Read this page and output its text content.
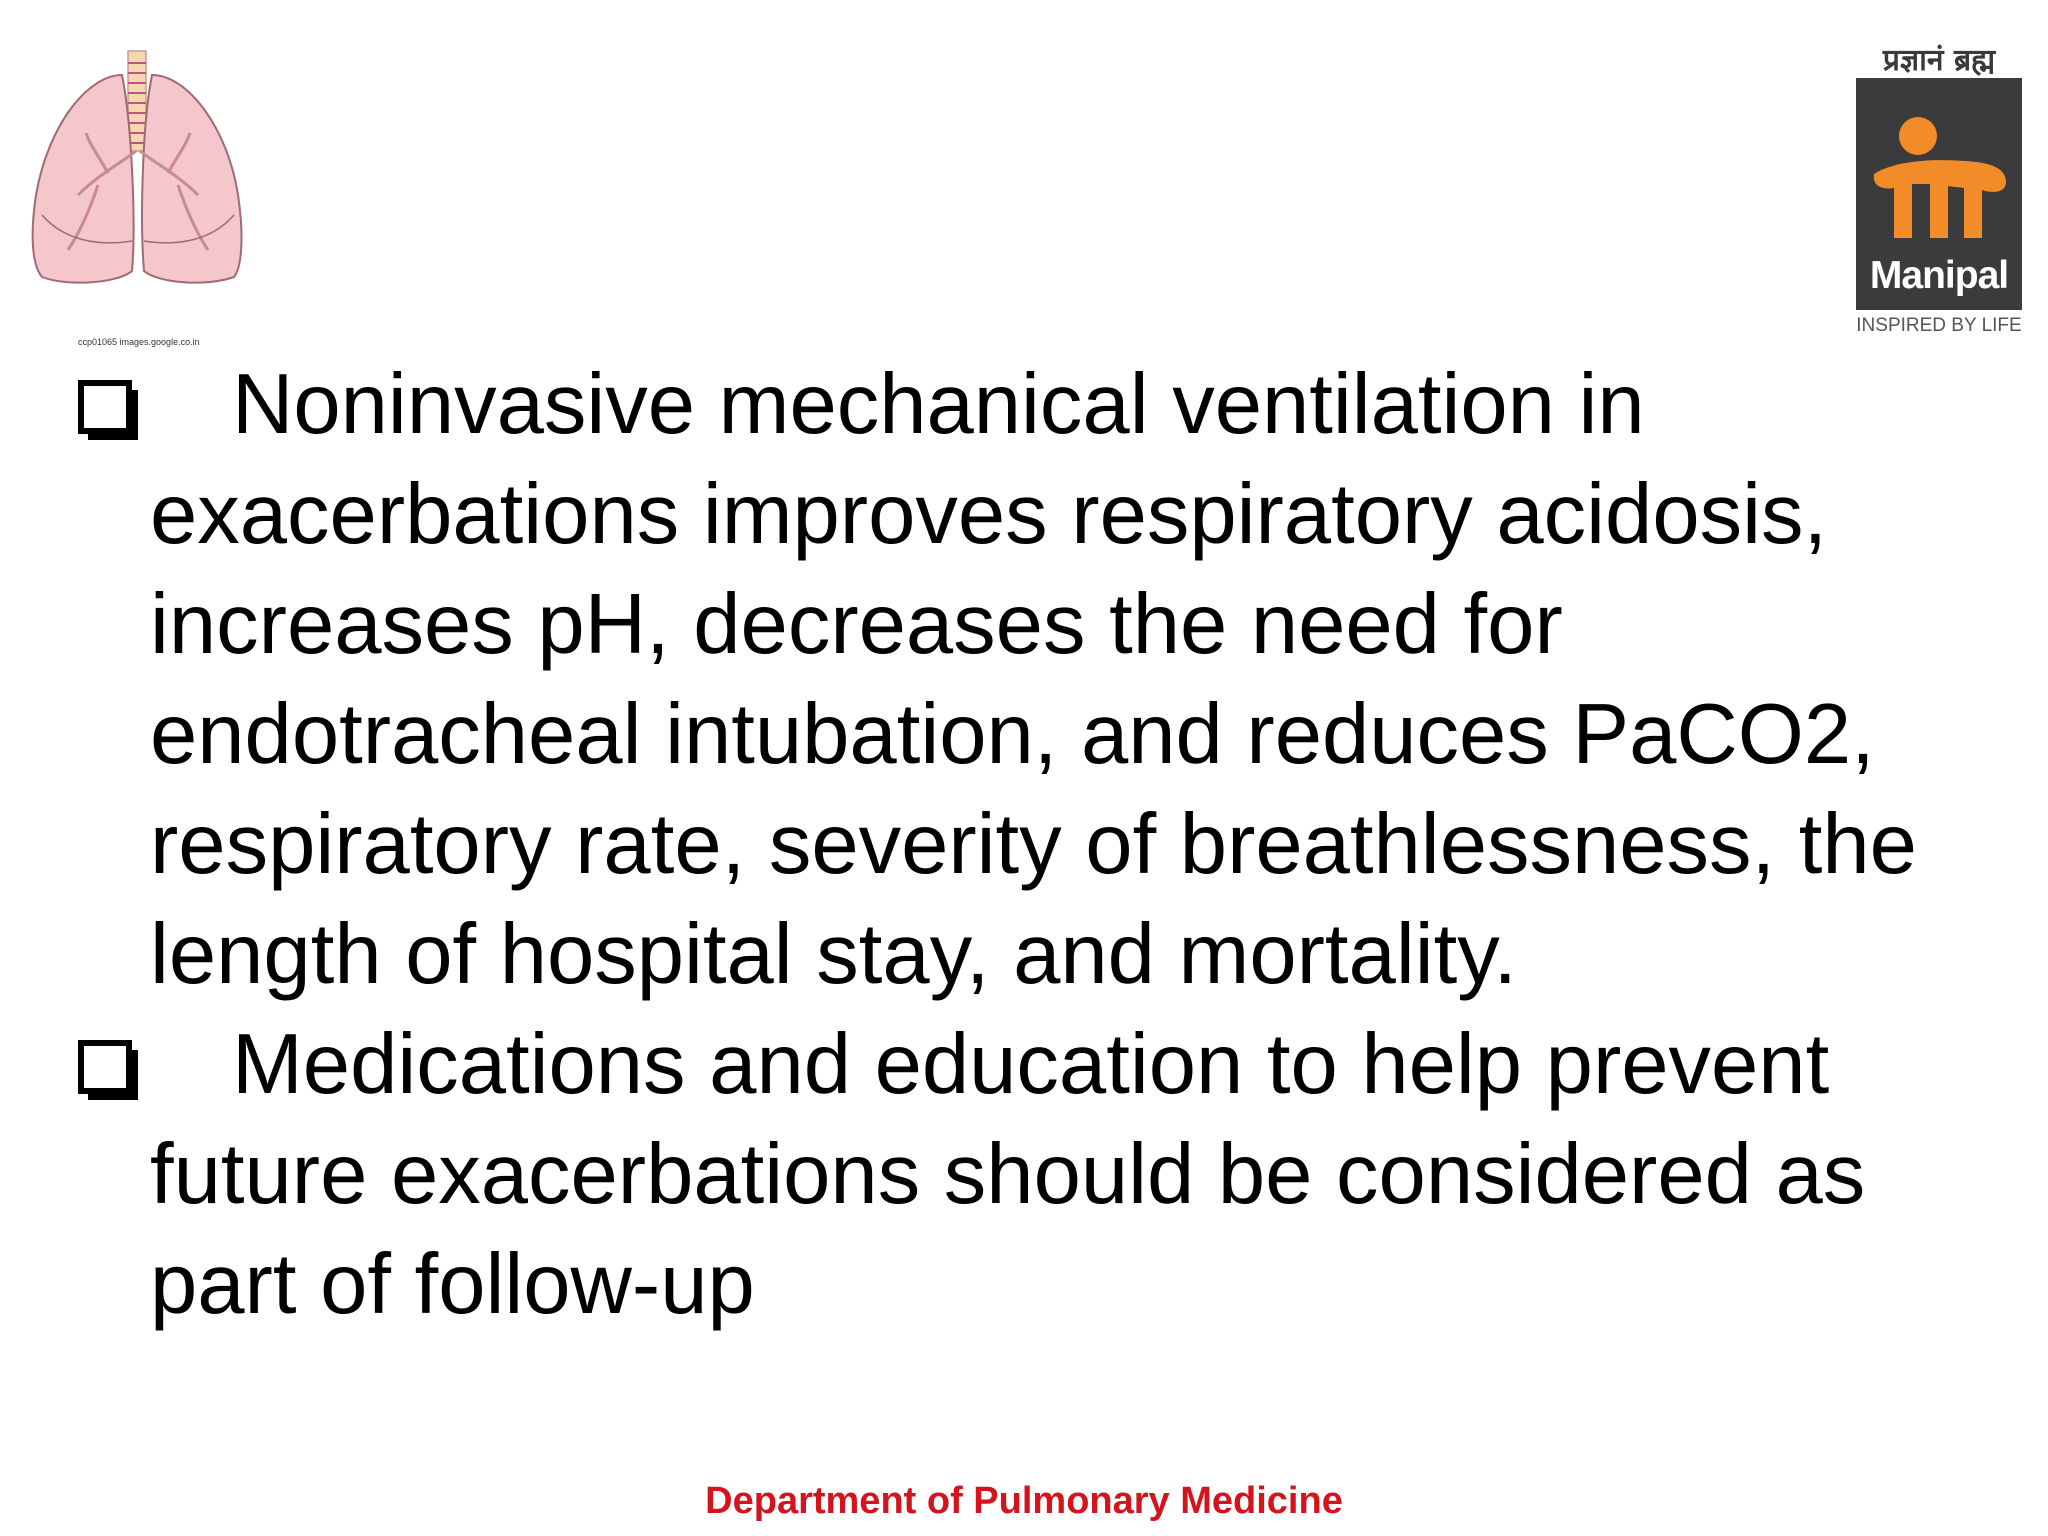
ccp01065 images.google.co.in
प्रज्ञानं ब्रह्म
Manipal
INSPIRED BY LIFE
Noninvasive mechanical ventilation in exacerbations improves respiratory acidosis, increases pH, decreases the need for endotracheal intubation, and reduces PaCO2, respiratory rate, severity of breathlessness, the length of hospital stay, and mortality.
Medications and education to help prevent future exacerbations should be considered as part of follow-up
Department of Pulmonary Medicine
